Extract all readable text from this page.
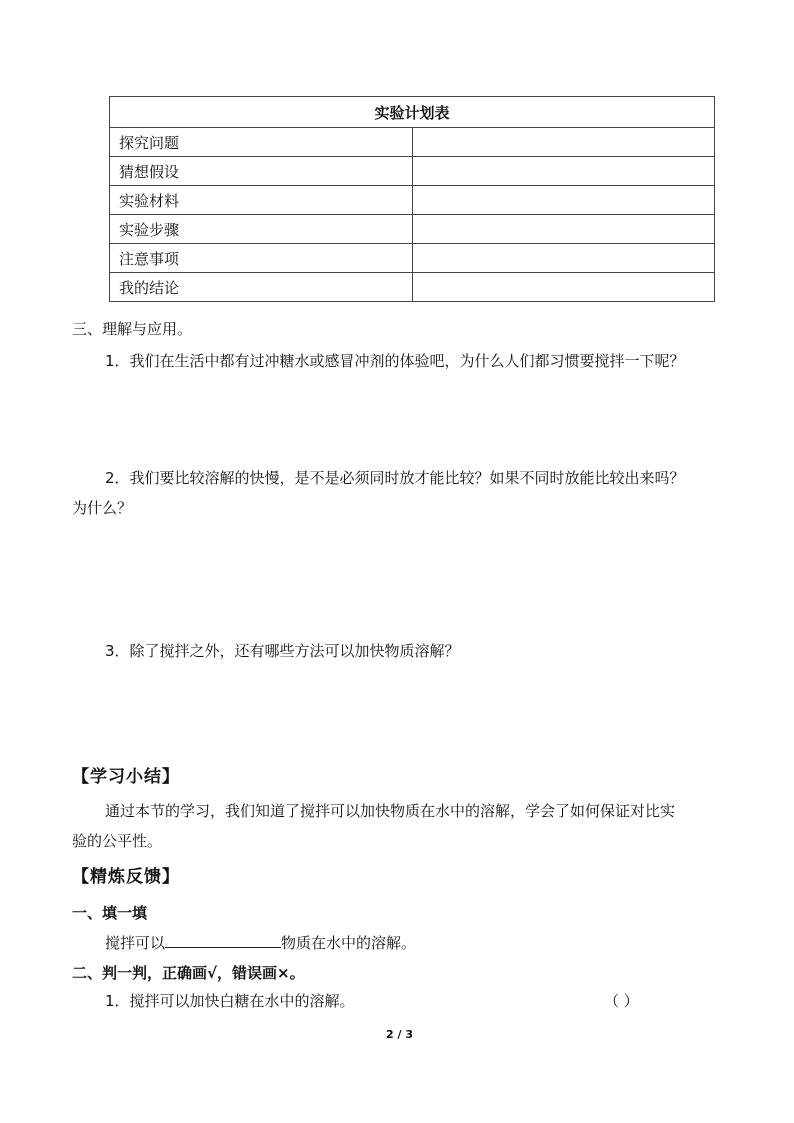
实验计划表	
探究问题	
猜想假设	
实验材料	
实验步骤	
注意事项	
我的结论	
三、理解与应用。
1．我们在生活中都有过冲糖水或感冒冲剂的体验吧，为什么人们都习惯要搅拌一下呢？
2．我们要比较溶解的快慢，是不是必须同时放才能比较？如果不同时放能比较出来吗？
为什么？
3．除了搅拌之外，还有哪些方法可以加快物质溶解？
【学习小结】
通过本节的学习，我们知道了搅拌可以加快物质在水中的溶解，学会了如何保证对比实
验的公平性。
【精炼反馈】
一、填一填
搅拌可以	物质在水中的溶解。
二、判一判，正确画√，错误画×。
1．搅拌可以加快白糖在水中的溶解。	（ ）
2 / 3
